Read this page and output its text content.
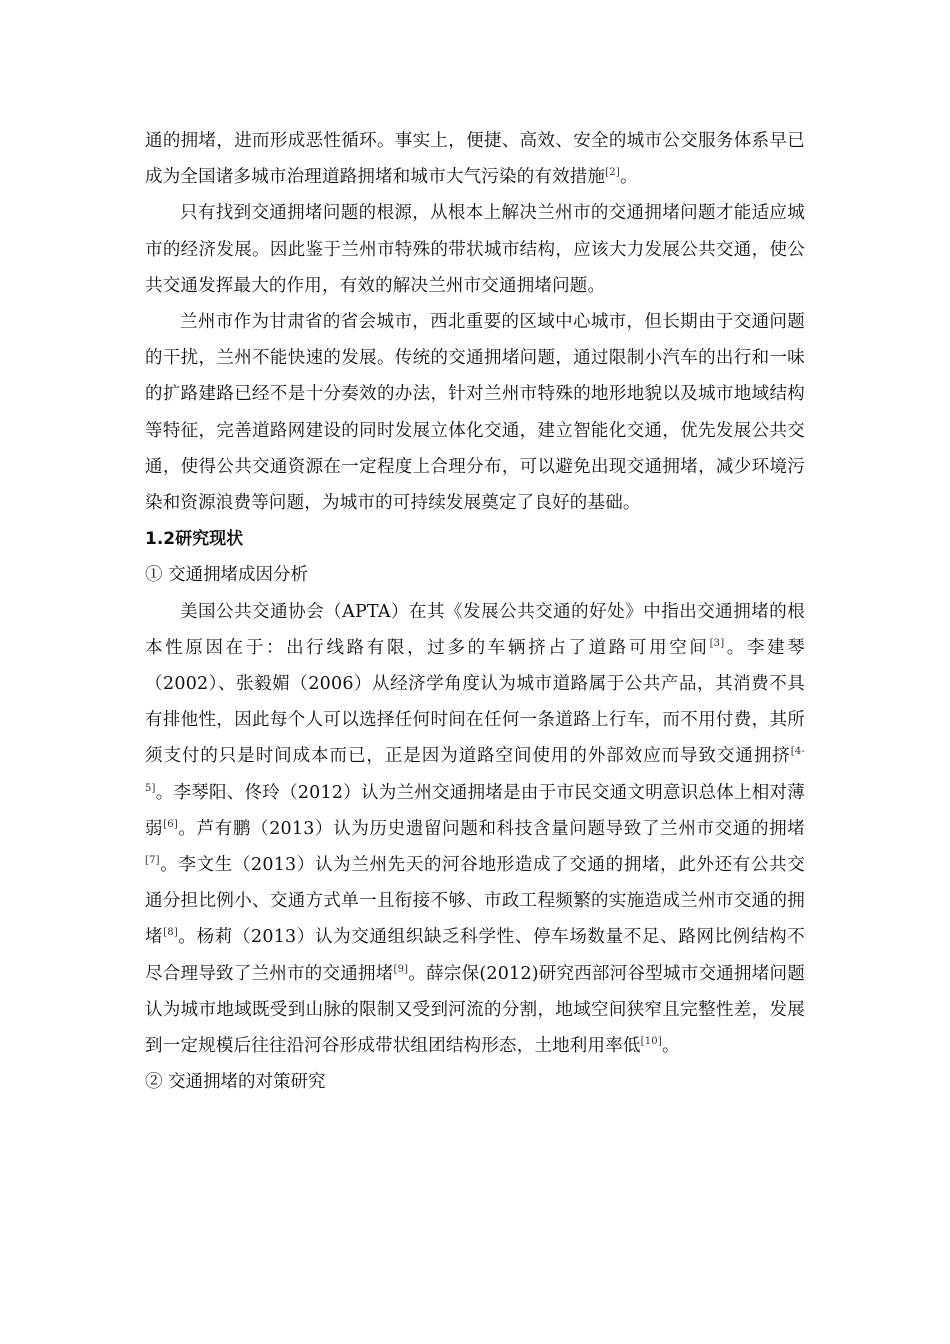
通的拥堵，进而形成恶性循环。事实上，便捷、高效、安全的城市公交服务体系早已成为全国诸多城市治理道路拥堵和城市大气污染的有效措施[2]。

只有找到交通拥堵问题的根源，从根本上解决兰州市的交通拥堵问题才能适应城市的经济发展。因此鉴于兰州市特殊的带状城市结构，应该大力发展公共交通，使公共交通发挥最大的作用，有效的解决兰州市交通拥堵问题。

兰州市作为甘肃省的省会城市，西北重要的区域中心城市，但长期由于交通问题的干扰，兰州不能快速的发展。传统的交通拥堵问题，通过限制小汽车的出行和一味的扩路建路已经不是十分奏效的办法，针对兰州市特殊的地形地貌以及城市地域结构等特征，完善道路网建设的同时发展立体化交通，建立智能化交通，优先发展公共交通，使得公共交通资源在一定程度上合理分布，可以避免出现交通拥堵，减少环境污染和资源浪费等问题，为城市的可持续发展奠定了良好的基础。

1.2研究现状

① 交通拥堵成因分析

美国公共交通协会（APTA）在其《发展公共交通的好处》中指出交通拥堵的根本性原因在于：出行线路有限，过多的车辆挤占了道路可用空间[3]。李建琴（2002）、张毅媚（2006）从经济学角度认为城市道路属于公共产品，其消费不具有排他性，因此每个人可以选择任何时间在任何一条道路上行车，而不用付费，其所须支付的只是时间成本而已，正是因为道路空间使用的外部效应而导致交通拥挤[4-5]。李琴阳、佟玲（2012）认为兰州交通拥堵是由于市民交通文明意识总体上相对薄弱[6]。芦有鹏（2013）认为历史遗留问题和科技含量问题导致了兰州市交通的拥堵[7]。李文生（2013）认为兰州先天的河谷地形造成了交通的拥堵，此外还有公共交通分担比例小、交通方式单一且衔接不够、市政工程频繁的实施造成兰州市交通的拥堵[8]。杨莉（2013）认为交通组织缺乏科学性、停车场数量不足、路网比例结构不尽合理导致了兰州市的交通拥堵[9]。薛宗保(2012)研究西部河谷型城市交通拥堵问题认为城市地域既受到山脉的限制又受到河流的分割，地域空间狭窄且完整性差，发展到一定规模后往往沿河谷形成带状组团结构形态，土地利用率低[10]。

② 交通拥堵的对策研究
